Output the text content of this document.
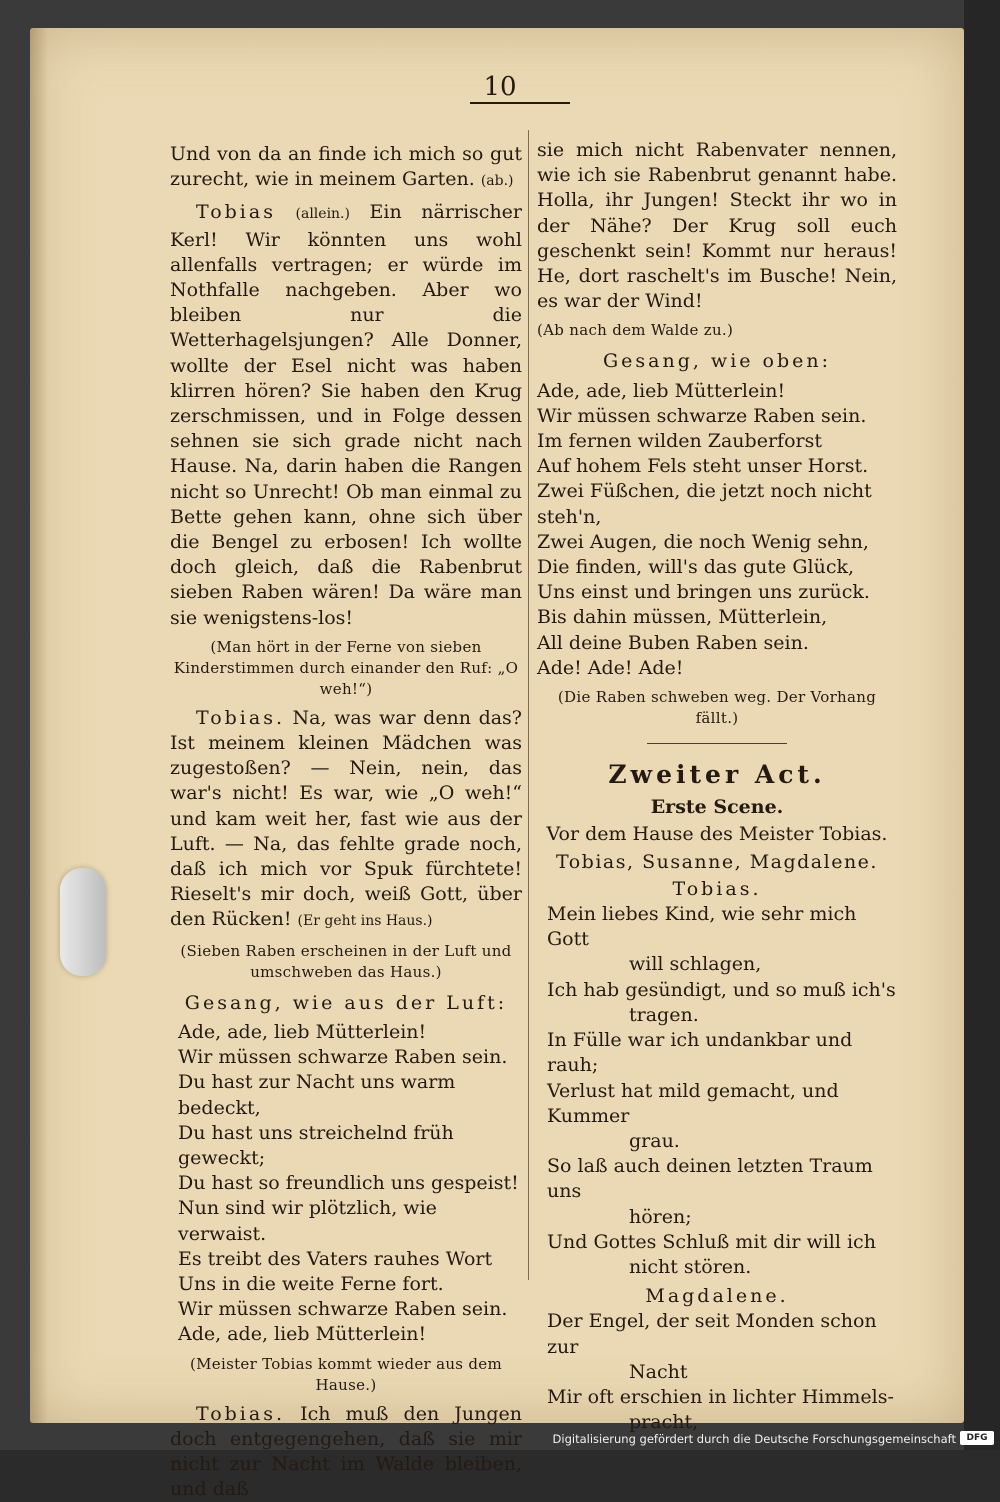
10

Und von da an finde ich mich so gut zurecht, wie in meinem Garten. (ab.)

Tobias (allein.) Ein närrischer Kerl! Wir könnten uns wohl allenfalls vertragen; er würde im Nothfalle nachgeben. Aber wo bleiben nur die Wetterhagelsjungen? Alle Donner, wollte der Esel nicht was haben klirren hören? Sie haben den Krug zerschmissen, und in Folge dessen sehnen sie sich grade nicht nach Hause. Na, darin haben die Rangen nicht so Unrecht! Ob man einmal zu Bette gehen kann, ohne sich über die Bengel zu erbosen! Ich wollte doch gleich, daß die Rabenbrut sieben Raben wären! Da wäre man sie wenigstens-los!

(Man hört in der Ferne von sieben Kinderstimmen durch einander den Ruf: „O weh!“)

Tobias. Na, was war denn das? Ist meinem kleinen Mädchen was zugestoßen? — Nein, nein, das war's nicht! Es war, wie „O weh!“ und kam weit her, fast wie aus der Luft. — Na, das fehlte grade noch, daß ich mich vor Spuk fürchtete! Rieselt's mir doch, weiß Gott, über den Rücken! (Er geht ins Haus.)

(Sieben Raben erscheinen in der Luft und umschweben das Haus.)

Gesang, wie aus der Luft:

Ade, ade, lieb Mütterlein!

Wir müssen schwarze Raben sein.

Du hast zur Nacht uns warm bedeckt,

Du hast uns streichelnd früh geweckt;

Du hast so freundlich uns gespeist!

Nun sind wir plötzlich, wie verwaist.

Es treibt des Vaters rauhes Wort

Uns in die weite Ferne fort.

Wir müssen schwarze Raben sein.

Ade, ade, lieb Mütterlein!

(Meister Tobias kommt wieder aus dem Hause.)

Tobias. Ich muß den Jungen doch entgegengehen, daß sie mir nicht zur Nacht im Walde bleiben, und daß

sie mich nicht Rabenvater nennen, wie ich sie Rabenbrut genannt habe. Holla, ihr Jungen! Steckt ihr wo in der Nähe? Der Krug soll euch geschenkt sein! Kommt nur heraus! He, dort raschelt's im Busche! Nein, es war der Wind!

(Ab nach dem Walde zu.)

Gesang, wie oben:

Ade, ade, lieb Mütterlein!

Wir müssen schwarze Raben sein.

Im fernen wilden Zauberforst

Auf hohem Fels steht unser Horst.

Zwei Füßchen, die jetzt noch nicht steh'n,

Zwei Augen, die noch Wenig sehn,

Die finden, will's das gute Glück,

Uns einst und bringen uns zurück.

Bis dahin müssen, Mütterlein,

All deine Buben Raben sein.

Ade! Ade! Ade!

(Die Raben schweben weg. Der Vorhang fällt.)

Zweiter Act.

Erste Scene.

Vor dem Hause des Meister Tobias.

Tobias, Susanne, Magdalene.

Tobias.

Mein liebes Kind, wie sehr mich Gott

will schlagen,

Ich hab gesündigt, und so muß ich's

tragen.

In Fülle war ich undankbar und rauh;

Verlust hat mild gemacht, und Kummer

grau.

So laß auch deinen letzten Traum uns

hören;

Und Gottes Schluß mit dir will ich

nicht stören.

Magdalene.

Der Engel, der seit Monden schon zur

Nacht

Mir oft erschien in lichter Himmels-

pracht,

Digitalisierung gefördert durch die Deutsche Forschungsgemeinschaft	DFG
